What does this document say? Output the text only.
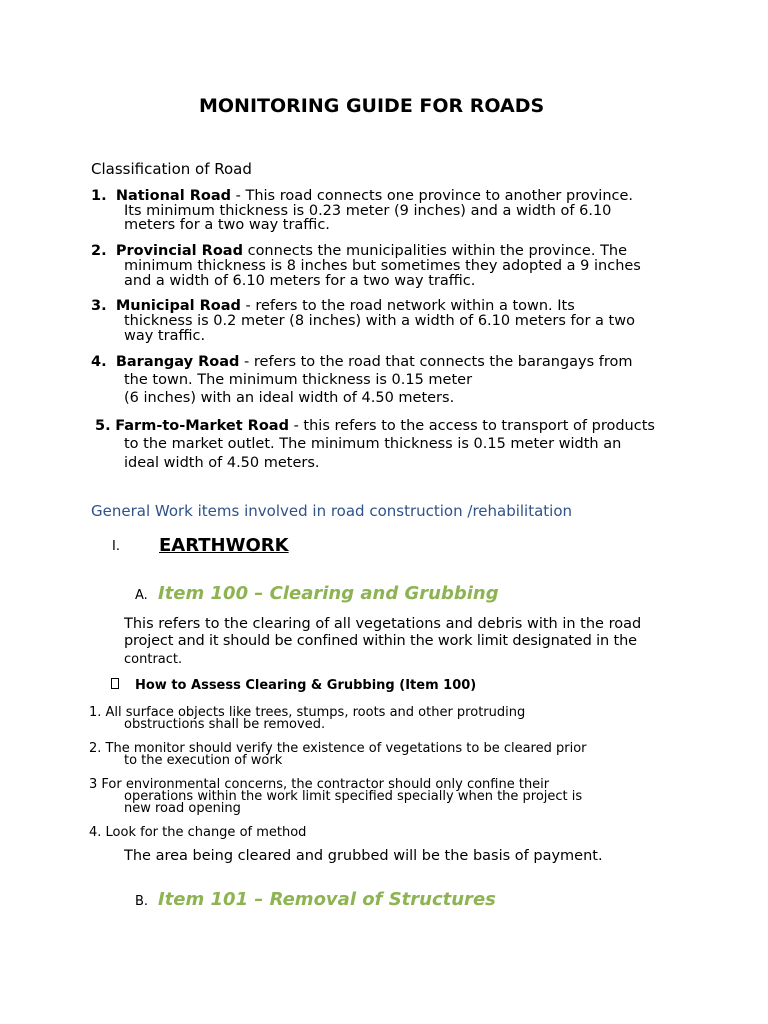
MONITORING GUIDE FOR ROADS
Classification of Road
1. National Road - This road connects one province to another province.
Its minimum thickness is 0.23 meter (9 inches) and a width of 6.10
meters for a two way traffic.
2. Provincial Road connects the municipalities within the province. The
minimum thickness is 8 inches but sometimes they adopted a 9 inches
and a width of 6.10 meters for a two way traffic.
3. Municipal Road - refers to the road network within a town. Its
thickness is 0.2 meter (8 inches) with a width of 6.10 meters for a two
way traffic.
4. Barangay Road - refers to the road that connects the barangays from
the town. The minimum thickness is 0.15 meter
(6 inches) with an ideal width of 4.50 meters.
5. Farm-to-Market Road - this refers to the access to transport of products
to the market outlet. The minimum thickness is 0.15 meter width an
ideal width of 4.50 meters.
General Work items involved in road construction /rehabilitation
I. EARTHWORK
A. Item 100 – Clearing and Grubbing
This refers to the clearing of all vegetations and debris with in the road
project and it should be confined within the work limit designated in the
contract.
How to Assess Clearing & Grubbing (Item 100)
1. All surface objects like trees, stumps, roots and other protruding
obstructions shall be removed.
2. The monitor should verify the existence of vegetations to be cleared prior
to the execution of work
3 For environmental concerns, the contractor should only confine their
operations within the work limit specified specially when the project is
new road opening
4. Look for the change of method
The area being cleared and grubbed will be the basis of payment.
B. Item 101 – Removal of Structures
